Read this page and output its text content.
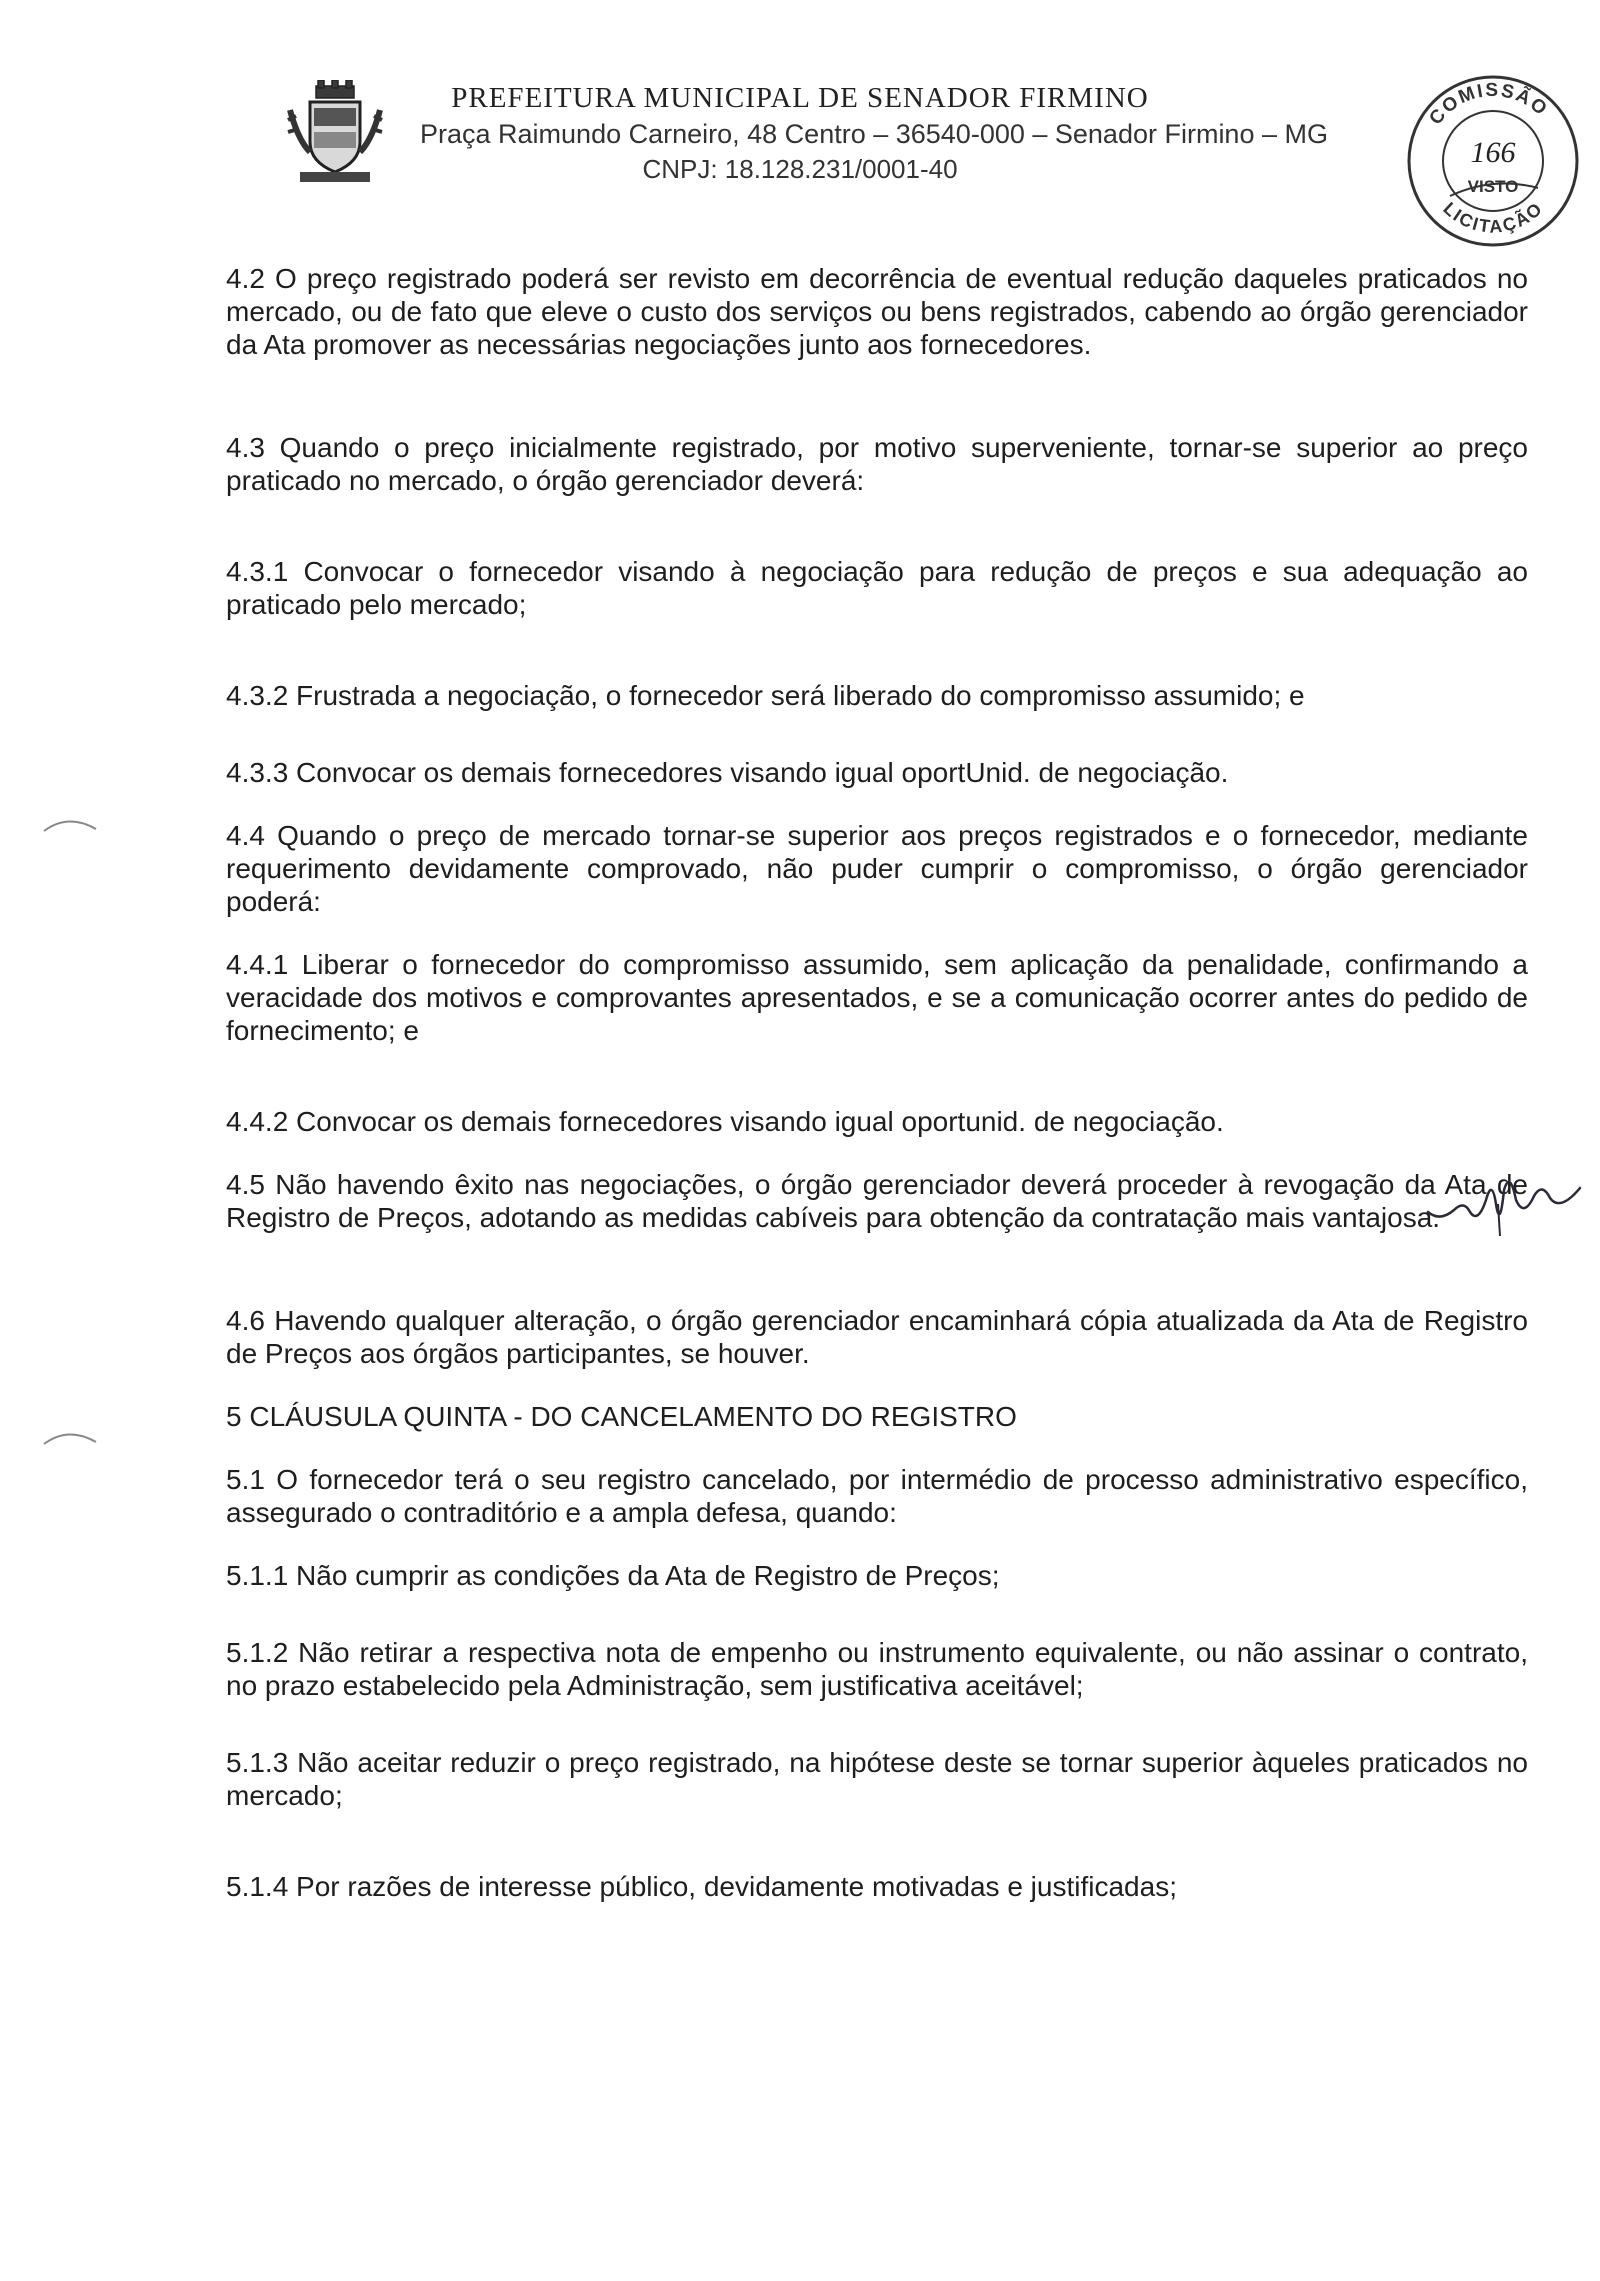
PREFEITURA MUNICIPAL DE SENADOR FIRMINO

Praça Raimundo Carneiro, 48 Centro – 36540-000 – Senador Firmino – MG

CNPJ: 18.128.231/0001-40

COMISSÃO
LICITAÇÃO
166
VISTO

4.2 O preço registrado poderá ser revisto em decorrência de eventual redução daqueles praticados no mercado, ou de fato que eleve o custo dos serviços ou bens registrados, cabendo ao órgão gerenciador da Ata promover as necessárias negociações junto aos fornecedores.

4.3 Quando o preço inicialmente registrado, por motivo superveniente, tornar-se superior ao preço praticado no mercado, o órgão gerenciador deverá:

4.3.1 Convocar o fornecedor visando à negociação para redução de preços e sua adequação ao praticado pelo mercado;

4.3.2 Frustrada a negociação, o fornecedor será liberado do compromisso assumido; e

4.3.3 Convocar os demais fornecedores visando igual oportUnid. de negociação.

4.4 Quando o preço de mercado tornar-se superior aos preços registrados e o fornecedor, mediante requerimento devidamente comprovado, não puder cumprir o compromisso, o órgão gerenciador poderá:

4.4.1 Liberar o fornecedor do compromisso assumido, sem aplicação da penalidade, confirmando a veracidade dos motivos e comprovantes apresentados, e se a comunicação ocorrer antes do pedido de fornecimento; e

4.4.2 Convocar os demais fornecedores visando igual oportunid. de negociação.

4.5 Não havendo êxito nas negociações, o órgão gerenciador deverá proceder à revogação da Ata de Registro de Preços, adotando as medidas cabíveis para obtenção da contratação mais vantajosa.

4.6 Havendo qualquer alteração, o órgão gerenciador encaminhará cópia atualizada da Ata de Registro de Preços aos órgãos participantes, se houver.

5 CLÁUSULA QUINTA - DO CANCELAMENTO DO REGISTRO

5.1 O fornecedor terá o seu registro cancelado, por intermédio de processo administrativo específico, assegurado o contraditório e a ampla defesa, quando:

5.1.1 Não cumprir as condições da Ata de Registro de Preços;

5.1.2 Não retirar a respectiva nota de empenho ou instrumento equivalente, ou não assinar o contrato, no prazo estabelecido pela Administração, sem justificativa aceitável;

5.1.3 Não aceitar reduzir o preço registrado, na hipótese deste se tornar superior àqueles praticados no mercado;

5.1.4 Por razões de interesse público, devidamente motivadas e justificadas;
